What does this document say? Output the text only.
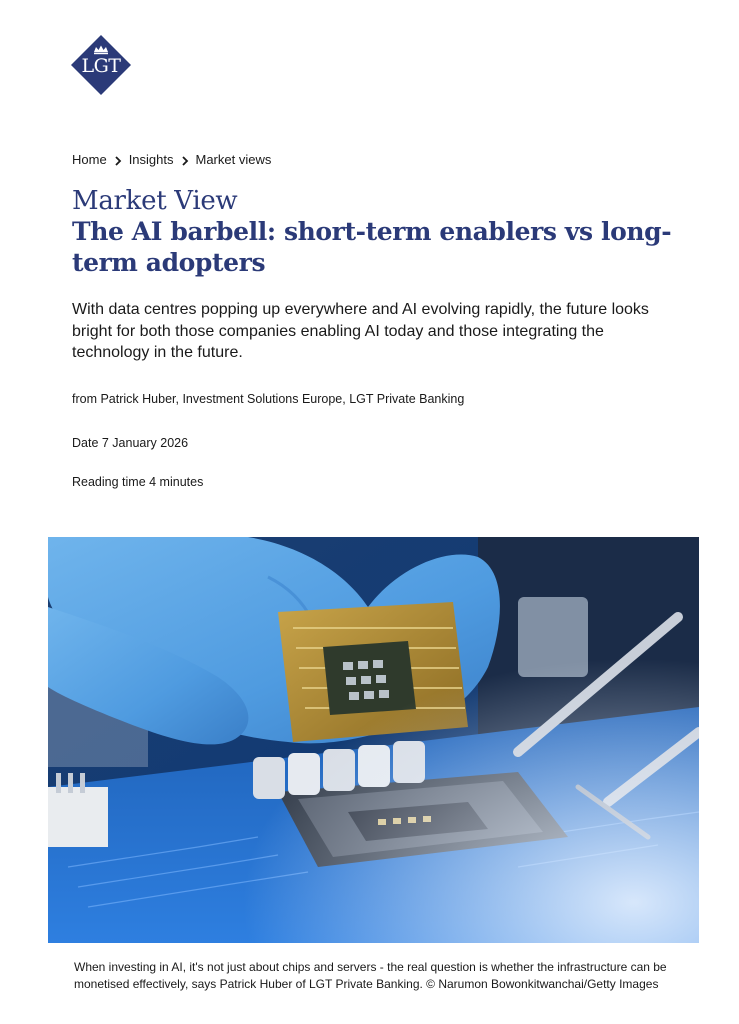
LGT
Home Insights Market views
Market View
The AI barbell: short-term enablers vs long-term adopters

With data centres popping up everywhere and AI evolving rapidly, the future looks bright for both those companies enabling AI today and those integrating the technology in the future.

from Patrick Huber, Investment Solutions Europe, LGT Private Banking
Date 7 January 2026
Reading time 4 minutes

When investing in AI, it's not just about chips and servers - the real question is whether the infrastructure can be monetised effectively, says Patrick Huber of LGT Private Banking. © Narumon Bowonkitwanchai/Getty Images
